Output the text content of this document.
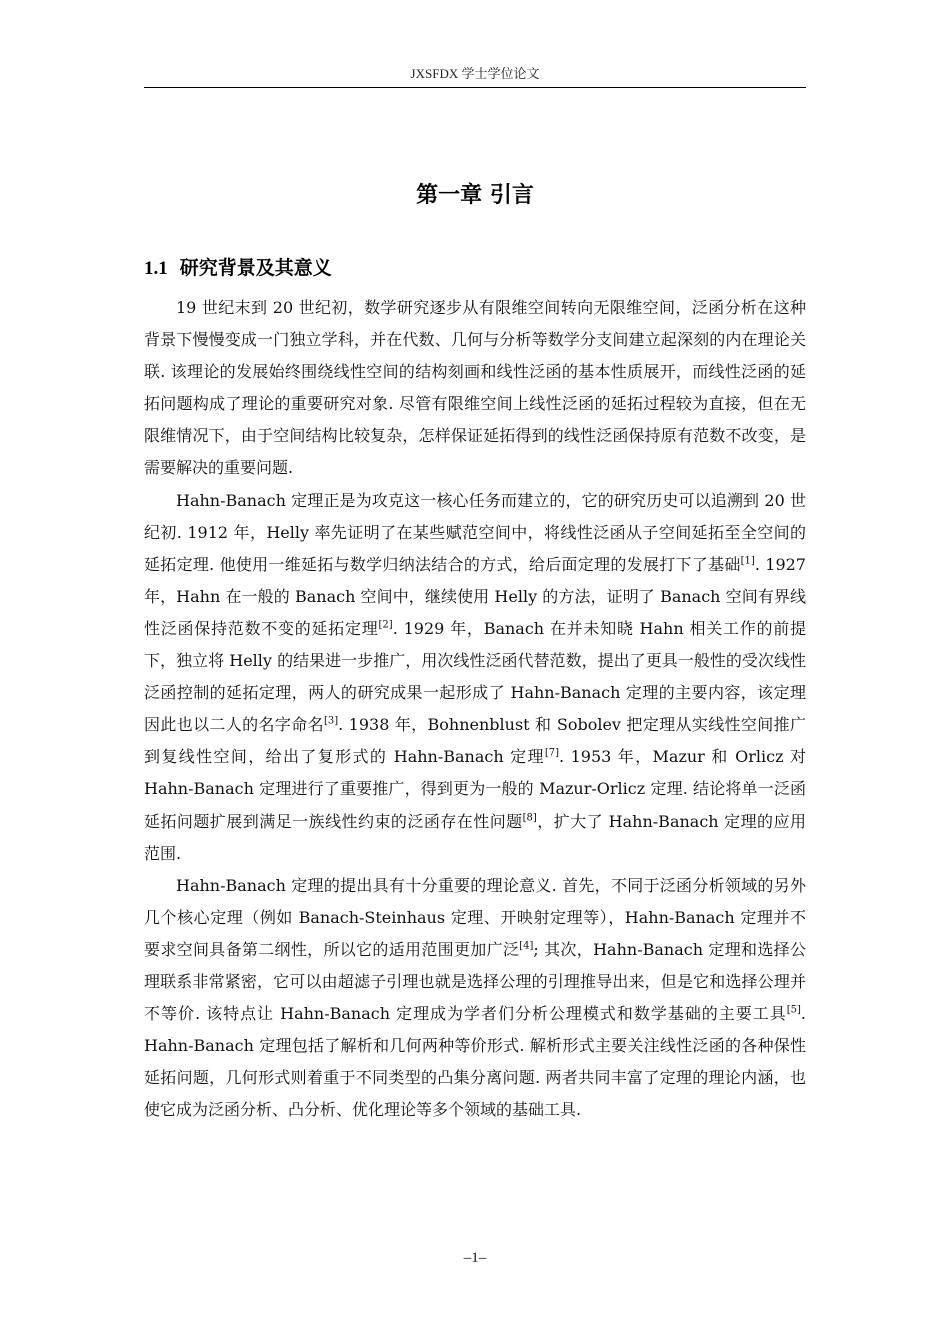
JXSFDX 学士学位论文
第一章 引言
1.1 研究背景及其意义

19 世纪末到 20 世纪初，数学研究逐步从有限维空间转向无限维空间，泛函分析在这种背景下慢慢变成一门独立学科，并在代数、几何与分析等数学分支间建立起深刻的内在理论关联. 该理论的发展始终围绕线性空间的结构刻画和线性泛函的基本性质展开，而线性泛函的延拓问题构成了理论的重要研究对象. 尽管有限维空间上线性泛函的延拓过程较为直接，但在无限维情况下，由于空间结构比较复杂，怎样保证延拓得到的线性泛函保持原有范数不改变，是需要解决的重要问题.

Hahn-Banach 定理正是为攻克这一核心任务而建立的，它的研究历史可以追溯到 20 世纪初. 1912 年，Helly 率先证明了在某些赋范空间中，将线性泛函从子空间延拓至全空间的延拓定理. 他使用一维延拓与数学归纳法结合的方式，给后面定理的发展打下了基础[1]. 1927 年，Hahn 在一般的 Banach 空间中，继续使用 Helly 的方法，证明了 Banach 空间有界线性泛函保持范数不变的延拓定理[2]. 1929 年，Banach 在并未知晓 Hahn 相关工作的前提下，独立将 Helly 的结果进一步推广，用次线性泛函代替范数，提出了更具一般性的受次线性泛函控制的延拓定理，两人的研究成果一起形成了 Hahn-Banach 定理的主要内容，该定理因此也以二人的名字命名[3]. 1938 年，Bohnenblust 和 Sobolev 把定理从实线性空间推广到复线性空间，给出了复形式的 Hahn-Banach 定理[7]. 1953 年，Mazur 和 Orlicz 对 Hahn-Banach 定理进行了重要推广，得到更为一般的 Mazur-Orlicz 定理. 结论将单一泛函延拓问题扩展到满足一族线性约束的泛函存在性问题[8]，扩大了 Hahn-Banach 定理的应用范围.

Hahn-Banach 定理的提出具有十分重要的理论意义. 首先，不同于泛函分析领域的另外几个核心定理（例如 Banach-Steinhaus 定理、开映射定理等），Hahn-Banach 定理并不要求空间具备第二纲性，所以它的适用范围更加广泛[4]; 其次，Hahn-Banach 定理和选择公理联系非常紧密，它可以由超滤子引理也就是选择公理的引理推导出来，但是它和选择公理并不等价. 该特点让 Hahn-Banach 定理成为学者们分析公理模式和数学基础的主要工具[5]. Hahn-Banach 定理包括了解析和几何两种等价形式. 解析形式主要关注线性泛函的各种保性延拓问题，几何形式则着重于不同类型的凸集分离问题. 两者共同丰富了定理的理论内涵，也使它成为泛函分析、凸分析、优化理论等多个领域的基础工具.

–1–
